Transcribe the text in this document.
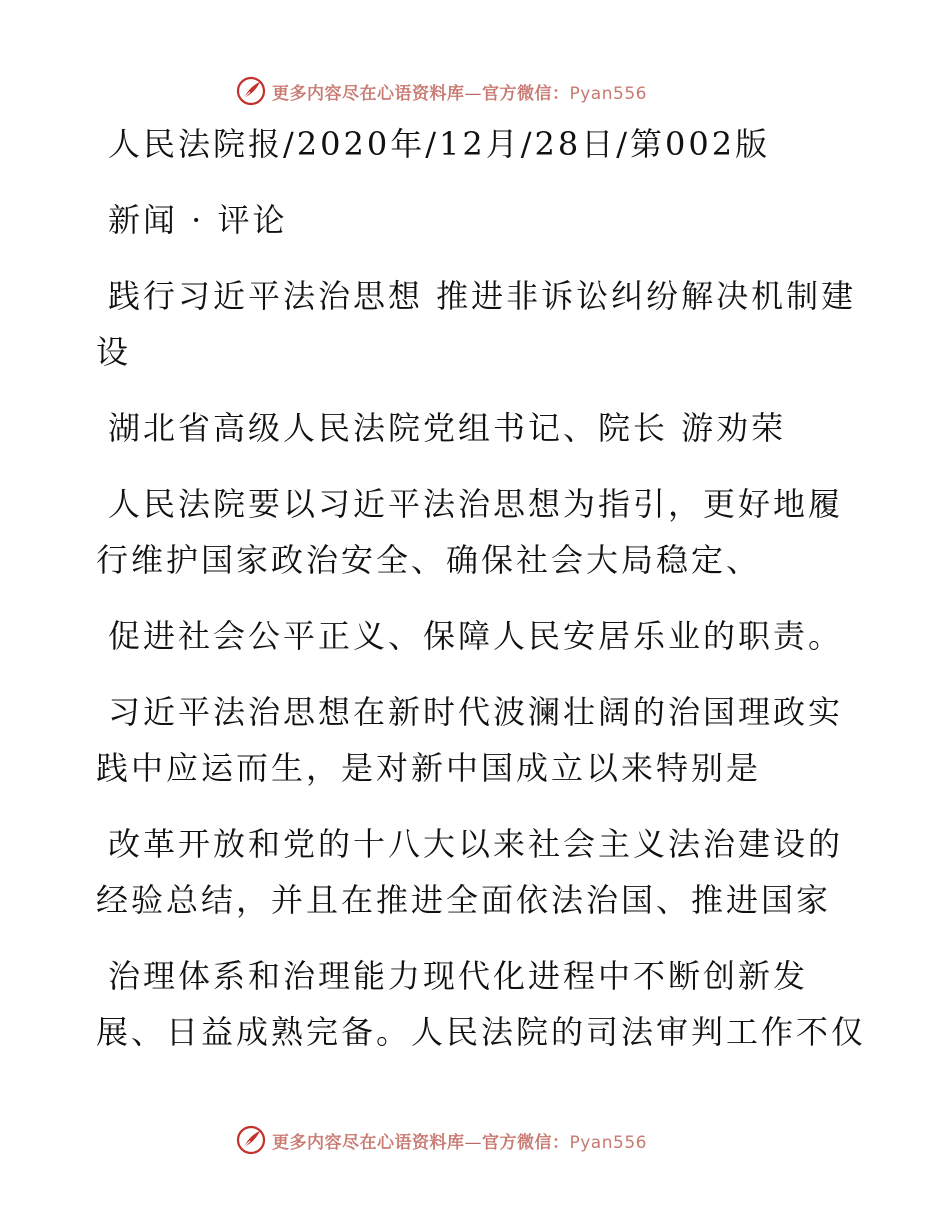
更多内容尽在心语资料库—官方微信：Pyan556
人民法院报/2020年/12月/28日/第002版
新闻 · 评论
践行习近平法治思想 推进非诉讼纠纷解决机制建
设
湖北省高级人民法院党组书记、院长 游劝荣
人民法院要以习近平法治思想为指引，更好地履
行维护国家政治安全、确保社会大局稳定、
促进社会公平正义、保障人民安居乐业的职责。
习近平法治思想在新时代波澜壮阔的治国理政实
践中应运而生，是对新中国成立以来特别是
改革开放和党的十八大以来社会主义法治建设的
经验总结，并且在推进全面依法治国、推进国家
治理体系和治理能力现代化进程中不断创新发
展、日益成熟完备。人民法院的司法审判工作不仅
更多内容尽在心语资料库—官方微信：Pyan556
